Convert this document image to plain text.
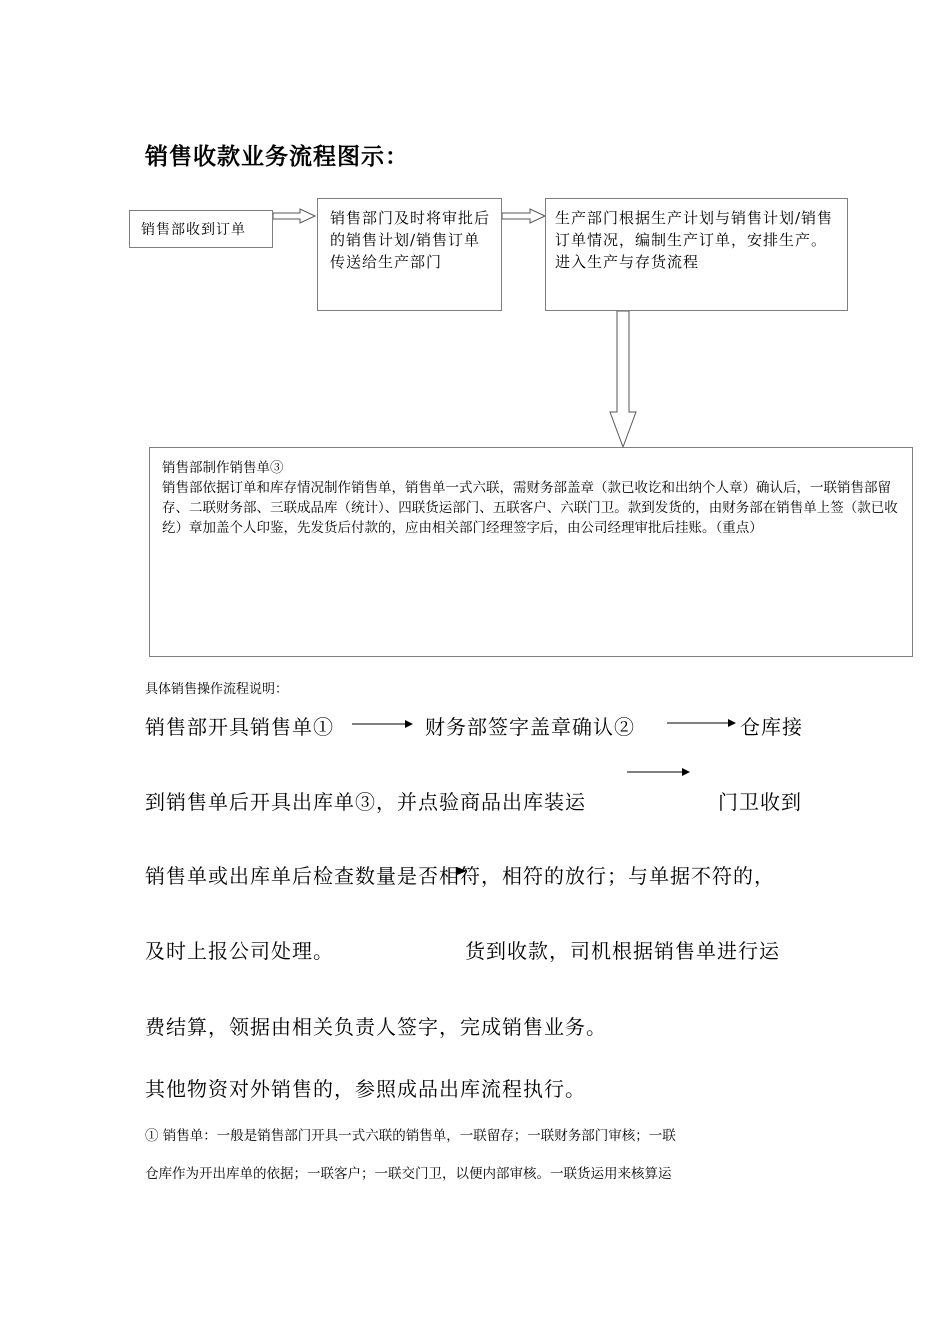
销售收款业务流程图示：
销售部收到订单
销售部门及时将审批后的销售计划/销售订单传送给生产部门
生产部门根据生产计划与销售计划/销售订单情况，编制生产订单，安排生产。进入生产与存货流程
销售部制作销售单③
销售部依据订单和库存情况制作销售单，销售单一式六联，需财务部盖章（款已收讫和出纳个人章）确认后，一联销售部留存、二联财务部、三联成品库（统计）、四联货运部门、五联客户、六联门卫。款到发货的，由财务部在销售单上签（款已收纥）章加盖个人印鉴，先发货后付款的，应由相关部门经理签字后，由公司经理审批后挂账。（重点）
具体销售操作流程说明：
销售部开具销售单①	财务部签字盖章确认②	仓库接
到销售单后开具出库单③，并点验商品出库装运	门卫收到
销售单或出库单后检查数量是否相符，相符的放行；与单据不符的，
及时上报公司处理。	货到收款，司机根据销售单进行运
费结算，领据由相关负责人签字，完成销售业务。
其他物资对外销售的，参照成品出库流程执行。
① 销售单：一般是销售部门开具一式六联的销售单，一联留存；一联财务部门审核；一联
仓库作为开出库单的依据；一联客户；一联交门卫，以便内部审核。一联货运用来核算运
